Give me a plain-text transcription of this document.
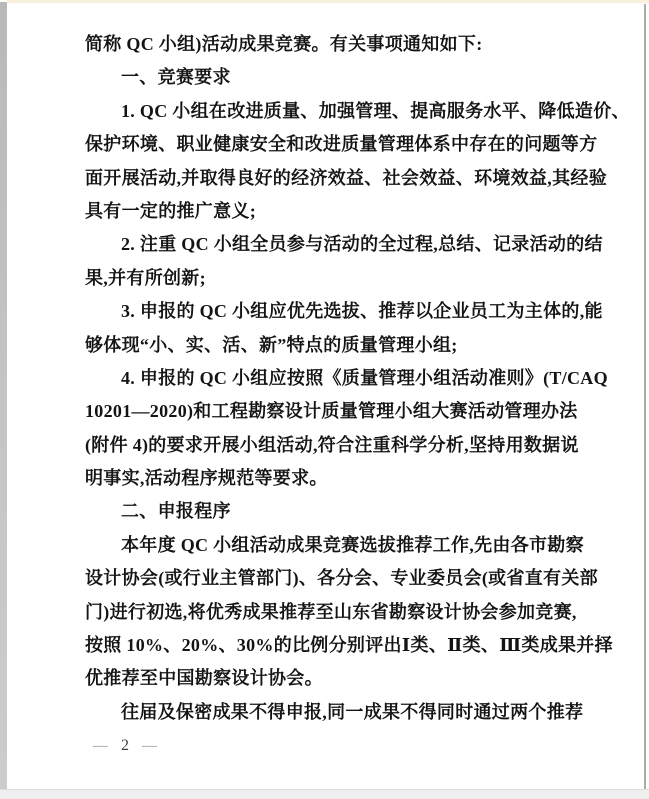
简称 QC 小组)活动成果竞赛。有关事项通知如下:
一、竞赛要求
1. QC 小组在改进质量、加强管理、提高服务水平、降低造价、
保护环境、职业健康安全和改进质量管理体系中存在的问题等方
面开展活动,并取得良好的经济效益、社会效益、环境效益,其经验
具有一定的推广意义;
2. 注重 QC 小组全员参与活动的全过程,总结、记录活动的结
果,并有所创新;
3. 申报的 QC 小组应优先选拔、推荐以企业员工为主体的,能
够体现“小、实、活、新”特点的质量管理小组;
4. 申报的 QC 小组应按照《质量管理小组活动准则》(T/CAQ
10201—2020)和工程勘察设计质量管理小组大赛活动管理办法
(附件 4)的要求开展小组活动,符合注重科学分析,坚持用数据说
明事实,活动程序规范等要求。
二、申报程序
本年度 QC 小组活动成果竞赛选拔推荐工作,先由各市勘察
设计协会(或行业主管部门)、各分会、专业委员会(或省直有关部
门)进行初选,将优秀成果推荐至山东省勘察设计协会参加竞赛,
按照 10%、20%、30%的比例分别评出Ⅰ类、Ⅱ类、Ⅲ类成果并择
优推荐至中国勘察设计协会。
往届及保密成果不得申报,同一成果不得同时通过两个推荐
— 2 —
